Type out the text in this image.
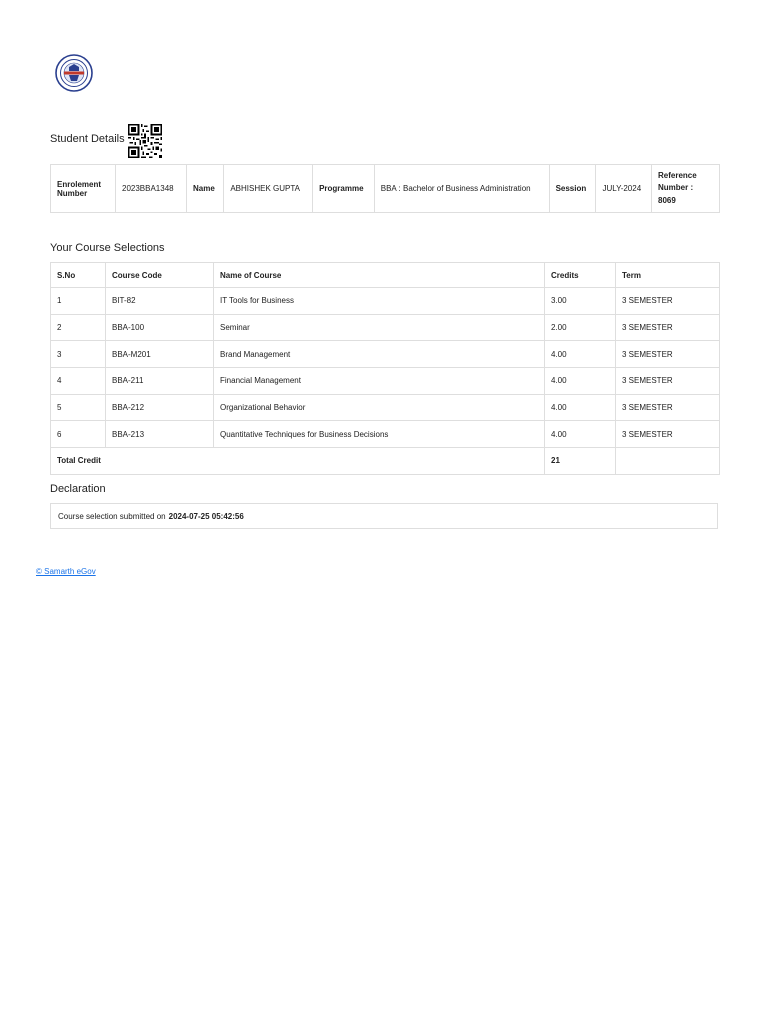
Student Details
Enrolement Number	2023BBA1348	Name	ABHISHEK GUPTA	Programme	BBA : Bachelor of Business Administration	Session	JULY-2024	Reference Number :
8069
Your Course Selections
S.No	Course Code	Name of Course	Credits	Term
1	BIT-82	IT Tools for Business	3.00	3 SEMESTER
2	BBA-100	Seminar	2.00	3 SEMESTER
3	BBA-M201	Brand Management	4.00	3 SEMESTER
4	BBA-211	Financial Management	4.00	3 SEMESTER
5	BBA-212	Organizational Behavior	4.00	3 SEMESTER
6	BBA-213	Quantitative Techniques for Business Decisions	4.00	3 SEMESTER
Total Credit			21	
Declaration
Course selection submitted on 2024-07-25 05:42:56
© Samarth eGov
